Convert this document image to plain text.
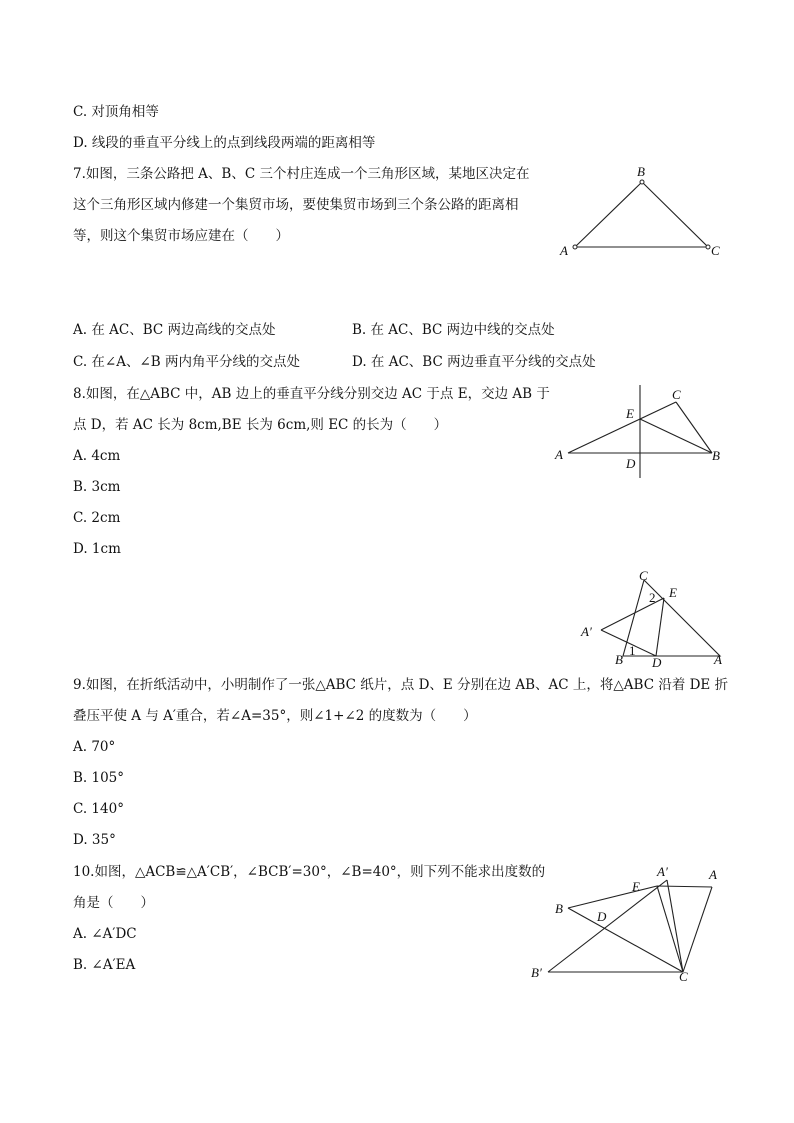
C. 对顶角相等
D. 线段的垂直平分线上的点到线段两端的距离相等
7.如图，三条公路把 A、B、C 三个村庄连成一个三角形区域，某地区决定在
这个三角形区域内修建一个集贸市场，要使集贸市场到三个条公路的距离相
等，则这个集贸市场应建在（　　）
B
A	C
A. 在 AC、BC 两边高线的交点处	B. 在 AC、BC 两边中线的交点处
C. 在∠A、∠B 两内角平分线的交点处	D. 在 AC、BC 两边垂直平分线的交点处
8.如图，在△ABC 中，AB 边上的垂直平分线分别交边 AC 于点 E，交边 AB 于
点 D，若 AC 长为 8cm,BE 长为 6cm,则 EC 的长为（　　）
A	B
C
D
E
A. 4cm
B. 3cm
C. 2cm
D. 1cm
C
E
A′
B D	A
2
1
9.如图，在折纸活动中，小明制作了一张△ABC 纸片，点 D、E 分别在边 AB、AC 上，将△ABC 沿着 DE 折
叠压平使 A 与 A′重合，若∠A=35°，则∠1+∠2 的度数为（　　）
A. 70°
B. 105°
C. 140°
D. 35°
10.如图，△ACB≌△A′CB′，∠BCB′=30°，∠B=40°，则下列不能求出度数的
角是（　　）	B
B′
D
E
A′	A
C
A. ∠A′DC
B. ∠A′EA
